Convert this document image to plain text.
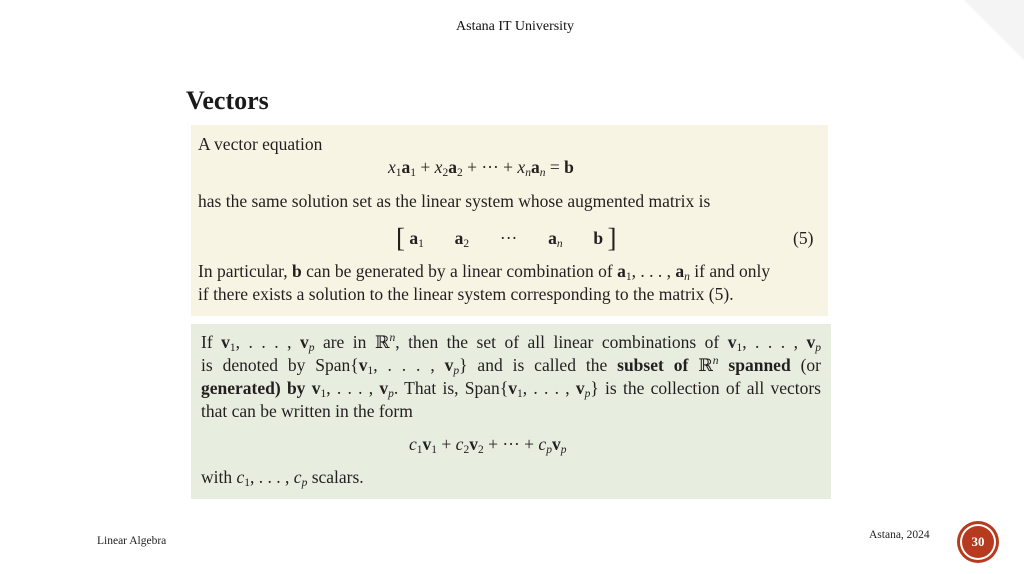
Astana IT University
Vectors
A vector equation
$x_1a_1 + x_2a_2$ + ··· + $x_na_n = b$
has the same solution set as the linear system whose augmented matrix is
[ $a_1$ $a_2$ ··· $a_n$ b ]	(5)
In particular, b can be generated by a linear combination of $a_1$, . . . , $a_n$ if and only
if there exists a solution to the linear system corresponding to the matrix (5).
If $v_1$, . . . , $v_p$ are in ℝ$^n$, then the set of all linear combinations of $v_1$, . . . , $v_p$
is denoted by $Span\{v_1$, . . . , $v_p$} and is called the subset of ℝ$^n$ spanned (or
generated) by $v_1$, . . . , $v_p$. That is, $Span\{v_1$, . . . , $v_p$} is the collection of all vectors
that can be written in the form
$c_1v_1 + c_2v_2$ + ··· + $c_pv_p$
with $c_1$, . . . , $c_p$ scalars.
Linear Algebra	Astana, 2024	30
